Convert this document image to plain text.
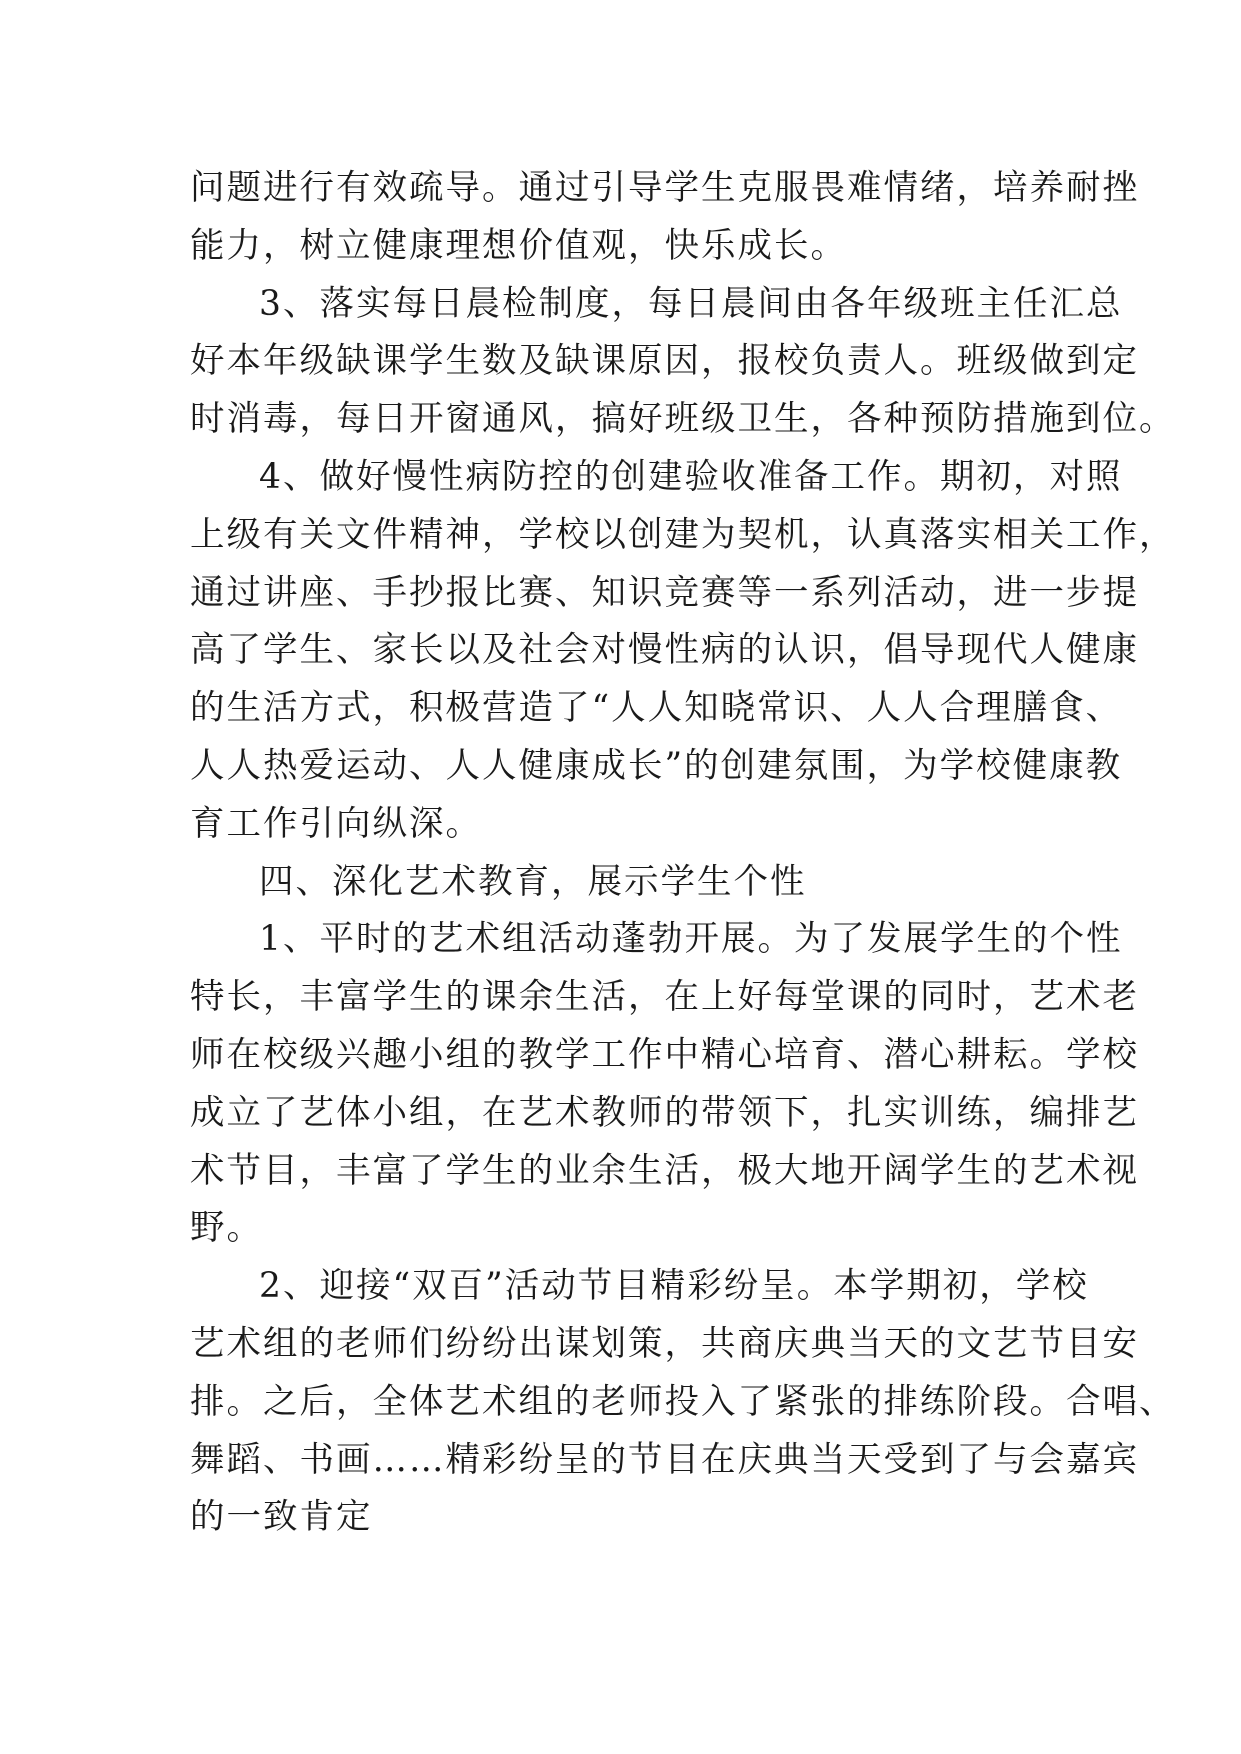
问题进行有效疏导。通过引导学生克服畏难情绪，培养耐挫
能力，树立健康理想价值观，快乐成长。

3、落实每日晨检制度，每日晨间由各年级班主任汇总
好本年级缺课学生数及缺课原因，报校负责人。班级做到定
时消毒，每日开窗通风，搞好班级卫生，各种预防措施到位。

4、做好慢性病防控的创建验收准备工作。期初，对照
上级有关文件精神，学校以创建为契机，认真落实相关工作，
通过讲座、手抄报比赛、知识竞赛等一系列活动，进一步提
高了学生、家长以及社会对慢性病的认识，倡导现代人健康
的生活方式，积极营造了“人人知晓常识、人人合理膳食、
人人热爱运动、人人健康成长”的创建氛围，为学校健康教
育工作引向纵深。

四、深化艺术教育，展示学生个性

1、平时的艺术组活动蓬勃开展。为了发展学生的个性
特长，丰富学生的课余生活，在上好每堂课的同时，艺术老
师在校级兴趣小组的教学工作中精心培育、潜心耕耘。学校
成立了艺体小组，在艺术教师的带领下，扎实训练，编排艺
术节目，丰富了学生的业余生活，极大地开阔学生的艺术视
野。

2、迎接“双百”活动节目精彩纷呈。本学期初，学校
艺术组的老师们纷纷出谋划策，共商庆典当天的文艺节目安
排。之后，全体艺术组的老师投入了紧张的排练阶段。合唱、
舞蹈、书画……精彩纷呈的节目在庆典当天受到了与会嘉宾
的一致肯定
